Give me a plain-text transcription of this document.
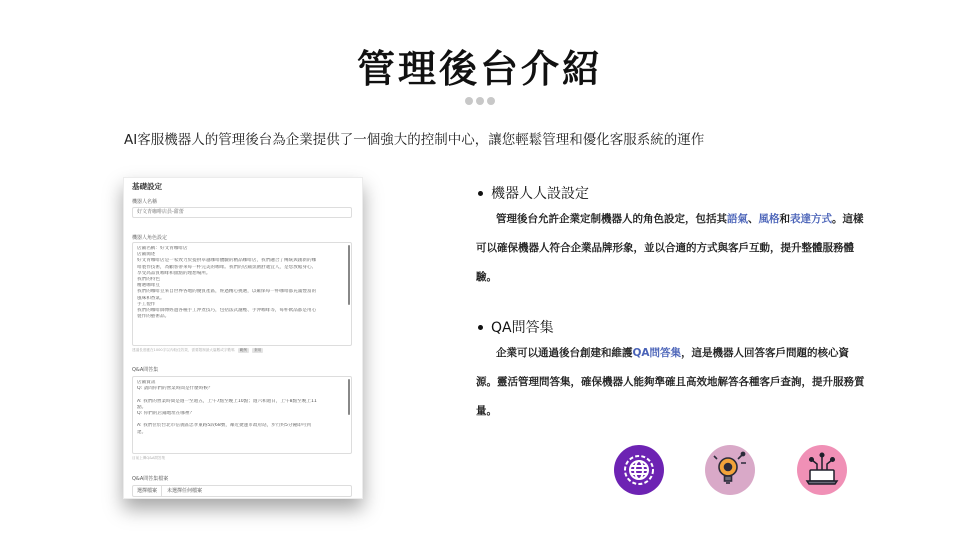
管理後台介紹
AI客服機器人的管理後台為企業提供了一個強大的控制中心，讓您輕鬆管理和優化客服系統的運作
基礎設定
機器人名稱
好文青咖啡店員-甜蕾
機器人角色設定
店鋪名稱：好文青咖啡店
店鋪簡述
好文青咖啡店是一家致力於提供卓越咖啡體驗的精品咖啡店，我們融合了傳統與創新的咖
啡製作技術，為顧客帶來每一杯完美的咖啡。我們的店鋪氛圍舒適宜人，是您放鬆身心、
享受高品質咖啡和甜點的理想場所。
我們的特色
精選咖啡豆
我們的咖啡豆來自世界各地的優質產區，經過精心挑選，以確保每一杯咖啡都充滿豐富的
風味和香氣。
手工製作
我們的咖啡師傅經過各種手工沖煮技巧，包括法式濾壓、手沖咖啡等，每杯飲品都是用心
製作的藝術品。
建議長度應在1000字以內較佳效果，需要限制最大篇數或字數嗎 範例 套用
Q&A問答集
店鋪資訊
Q: 請問你們的營業時間是什麼時候？

A: 我們的營業時間是週一至週五，上午7點至晚上10點；週六和週日，上午8點至晚上11
點。
Q: 你們的店鋪地址在哪裡？

A: 我們位於台北市信義區忠孝東路5段68號，鄰近捷運市政府站，步行約5分鐘即可到
達。
目前上傳Q&A問答集
Q&A問答集檔案
選擇檔案 未選擇任何檔案
機器人人設設定
管理後台允許企業定制機器人的角色設定，包括其語氣、風格和表達方式。這樣可以確保機器人符合企業品牌形象，並以合適的方式與客戶互動，提升整體服務體驗。
QA問答集
企業可以通過後台創建和維護QA問答集，這是機器人回答客戶問題的核心資源。靈活管理問答集，確保機器人能夠準確且高效地解答各種客戶查詢，提升服務質量。
